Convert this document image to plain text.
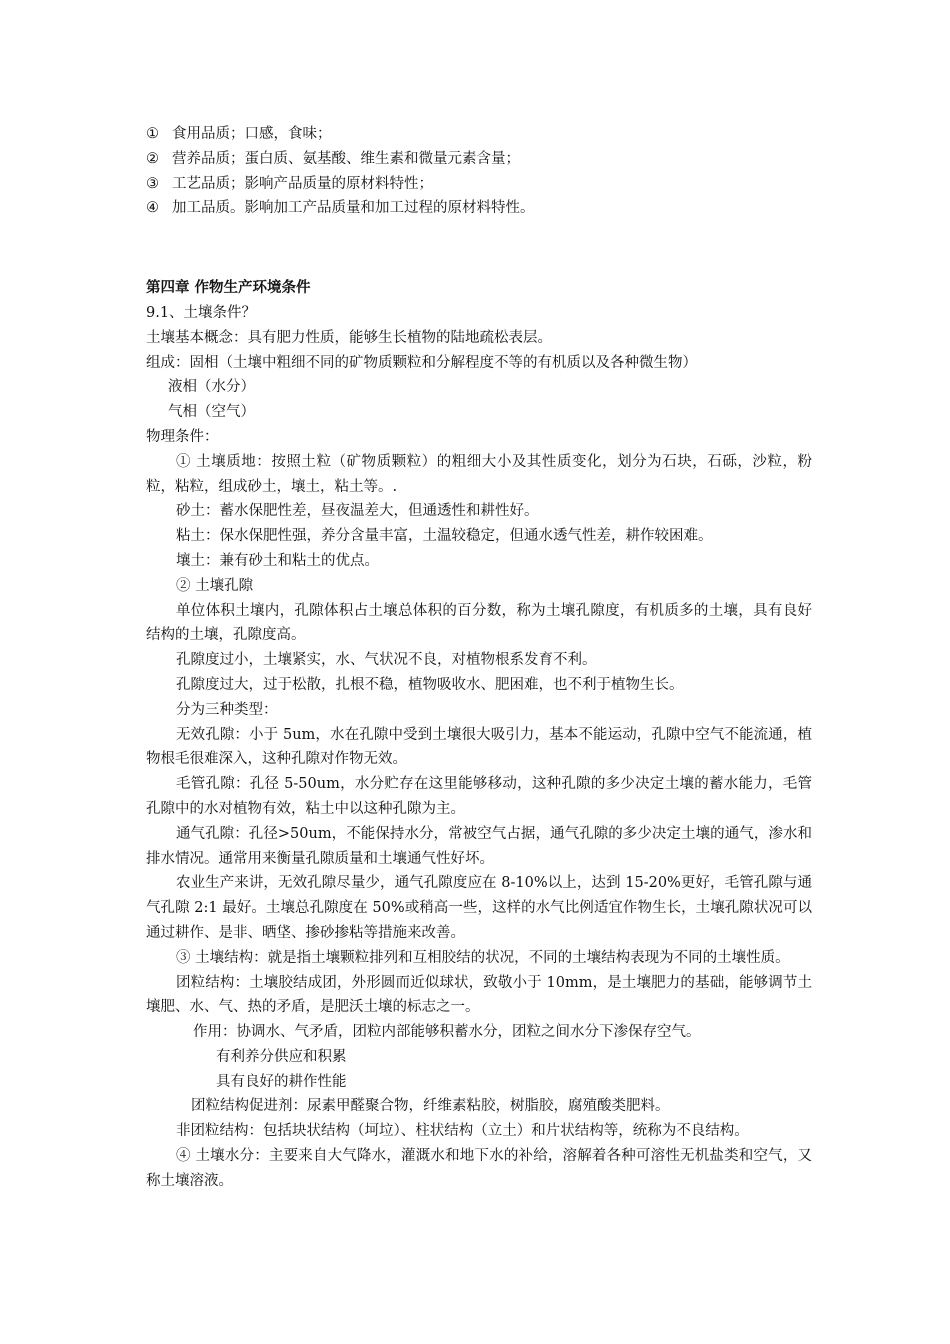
① 食用品质；口感，食味；
② 营养品质；蛋白质、氨基酸、维生素和微量元素含量；
③ 工艺品质；影响产品质量的原材料特性；
④ 加工品质。影响加工产品质量和加工过程的原材料特性。
第四章 作物生产环境条件
9.1、土壤条件？
土壤基本概念：具有肥力性质，能够生长植物的陆地疏松表层。
组成：固相（土壤中粗细不同的矿物质颗粒和分解程度不等的有机质以及各种微生物）
液相（水分）
气相（空气）
物理条件：
① 土壤质地：按照土粒（矿物质颗粒）的粗细大小及其性质变化，划分为石块，石砾，沙粒，粉粒，粘粒，组成砂土，壤土，粘土等。.
砂土：蓄水保肥性差，昼夜温差大，但通透性和耕性好。
粘土：保水保肥性强，养分含量丰富，土温较稳定，但通水透气性差，耕作较困难。
壤土：兼有砂土和粘土的优点。
② 土壤孔隙
单位体积土壤内，孔隙体积占土壤总体积的百分数，称为土壤孔隙度，有机质多的土壤，具有良好结构的土壤，孔隙度高。
孔隙度过小，土壤紧实，水、气状况不良，对植物根系发育不利。
孔隙度过大，过于松散，扎根不稳，植物吸收水、肥困难，也不利于植物生长。
分为三种类型：
无效孔隙：小于 5um，水在孔隙中受到土壤很大吸引力，基本不能运动，孔隙中空气不能流通，植物根毛很难深入，这种孔隙对作物无效。
毛管孔隙：孔径 5-50um，水分贮存在这里能够移动，这种孔隙的多少决定土壤的蓄水能力，毛管孔隙中的水对植物有效，粘土中以这种孔隙为主。
通气孔隙：孔径>50um，不能保持水分，常被空气占据，通气孔隙的多少决定土壤的通气，渗水和排水情况。通常用来衡量孔隙质量和土壤通气性好坏。
农业生产来讲，无效孔隙尽量少，通气孔隙度应在 8-10%以上，达到 15-20%更好，毛管孔隙与通气孔隙 2:1 最好。土壤总孔隙度在 50%或稍高一些，这样的水气比例适宜作物生长，土壤孔隙状况可以通过耕作、是非、晒垡、掺砂掺粘等措施来改善。
③ 土壤结构：就是指土壤颗粒排列和互相胶结的状况，不同的土壤结构表现为不同的土壤性质。
团粒结构：土壤胶结成团，外形圆而近似球状，致敬小于 10mm，是土壤肥力的基础，能够调节土壤肥、水、气、热的矛盾，是肥沃土壤的标志之一。
作用：协调水、气矛盾，团粒内部能够积蓄水分，团粒之间水分下渗保存空气。
有利养分供应和积累
具有良好的耕作性能
团粒结构促进剂：尿素甲醛聚合物，纤维素粘胶，树脂胶，腐殖酸类肥料。
非团粒结构：包括块状结构（坷垃）、柱状结构（立土）和片状结构等，统称为不良结构。
④ 土壤水分：主要来自大气降水，灌溉水和地下水的补给，溶解着各种可溶性无机盐类和空气，又称土壤溶液。
